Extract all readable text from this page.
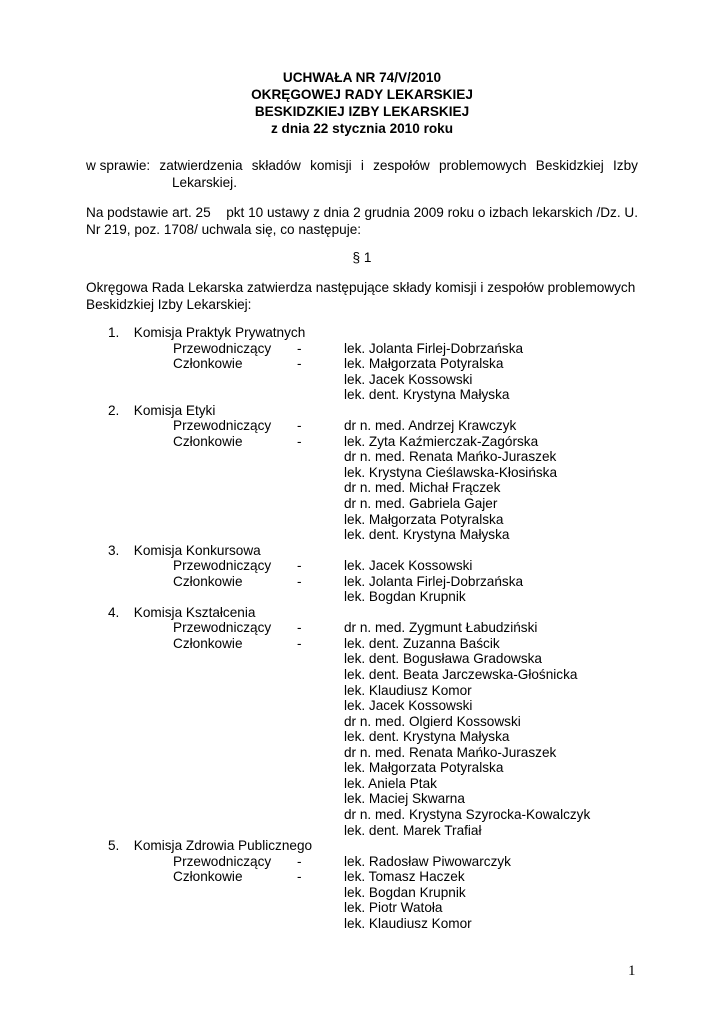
UCHWAŁA NR 74/V/2010
OKRĘGOWEJ RADY LEKARSKIEJ
BESKIDZKIEJ IZBY LEKARSKIEJ
z dnia 22 stycznia 2010 roku
w sprawie: zatwierdzenia składów komisji i zespołów problemowych Beskidzkiej Izby
Lekarskiej.
Na podstawie art. 25 pkt 10 ustawy z dnia 2 grudnia 2009 roku o izbach lekarskich /Dz. U.
Nr 219, poz. 1708/ uchwala się, co następuje:
§ 1
Okręgowa Rada Lekarska zatwierdza następujące składy komisji i zespołów problemowych
Beskidzkiej Izby Lekarskiej:
1. Komisja Praktyk Prywatnych
Przewodniczący -	lek. Jolanta Firlej-Dobrzańska
Członkowie	-	lek. Małgorzata Potyralska
lek. Jacek Kossowski
lek. dent. Krystyna Małyska
2. Komisja Etyki
Przewodniczący -	dr n. med. Andrzej Krawczyk
Członkowie	-	lek. Zyta Kaźmierczak-Zagórska
dr n. med. Renata Mańko-Juraszek
lek. Krystyna Cieślawska-Kłosińska
dr n. med. Michał Frączek
dr n. med. Gabriela Gajer
lek. Małgorzata Potyralska
lek. dent. Krystyna Małyska
3. Komisja Konkursowa
Przewodniczący -	lek. Jacek Kossowski
Członkowie	-	lek. Jolanta Firlej-Dobrzańska
lek. Bogdan Krupnik
4. Komisja Kształcenia
Przewodniczący -	dr n. med. Zygmunt Łabudziński
Członkowie	-	lek. dent. Zuzanna Baścik
lek. dent. Bogusława Gradowska
lek. dent. Beata Jarczewska-Głośnicka
lek. Klaudiusz Komor
lek. Jacek Kossowski
dr n. med. Olgierd Kossowski
lek. dent. Krystyna Małyska
dr n. med. Renata Mańko-Juraszek
lek. Małgorzata Potyralska
lek. Aniela Ptak
lek. Maciej Skwarna
dr n. med. Krystyna Szyrocka-Kowalczyk
lek. dent. Marek Trafiał
5. Komisja Zdrowia Publicznego
Przewodniczący -	lek. Radosław Piwowarczyk
Członkowie	-	lek. Tomasz Haczek
lek. Bogdan Krupnik
lek. Piotr Watoła
lek. Klaudiusz Komor
1
